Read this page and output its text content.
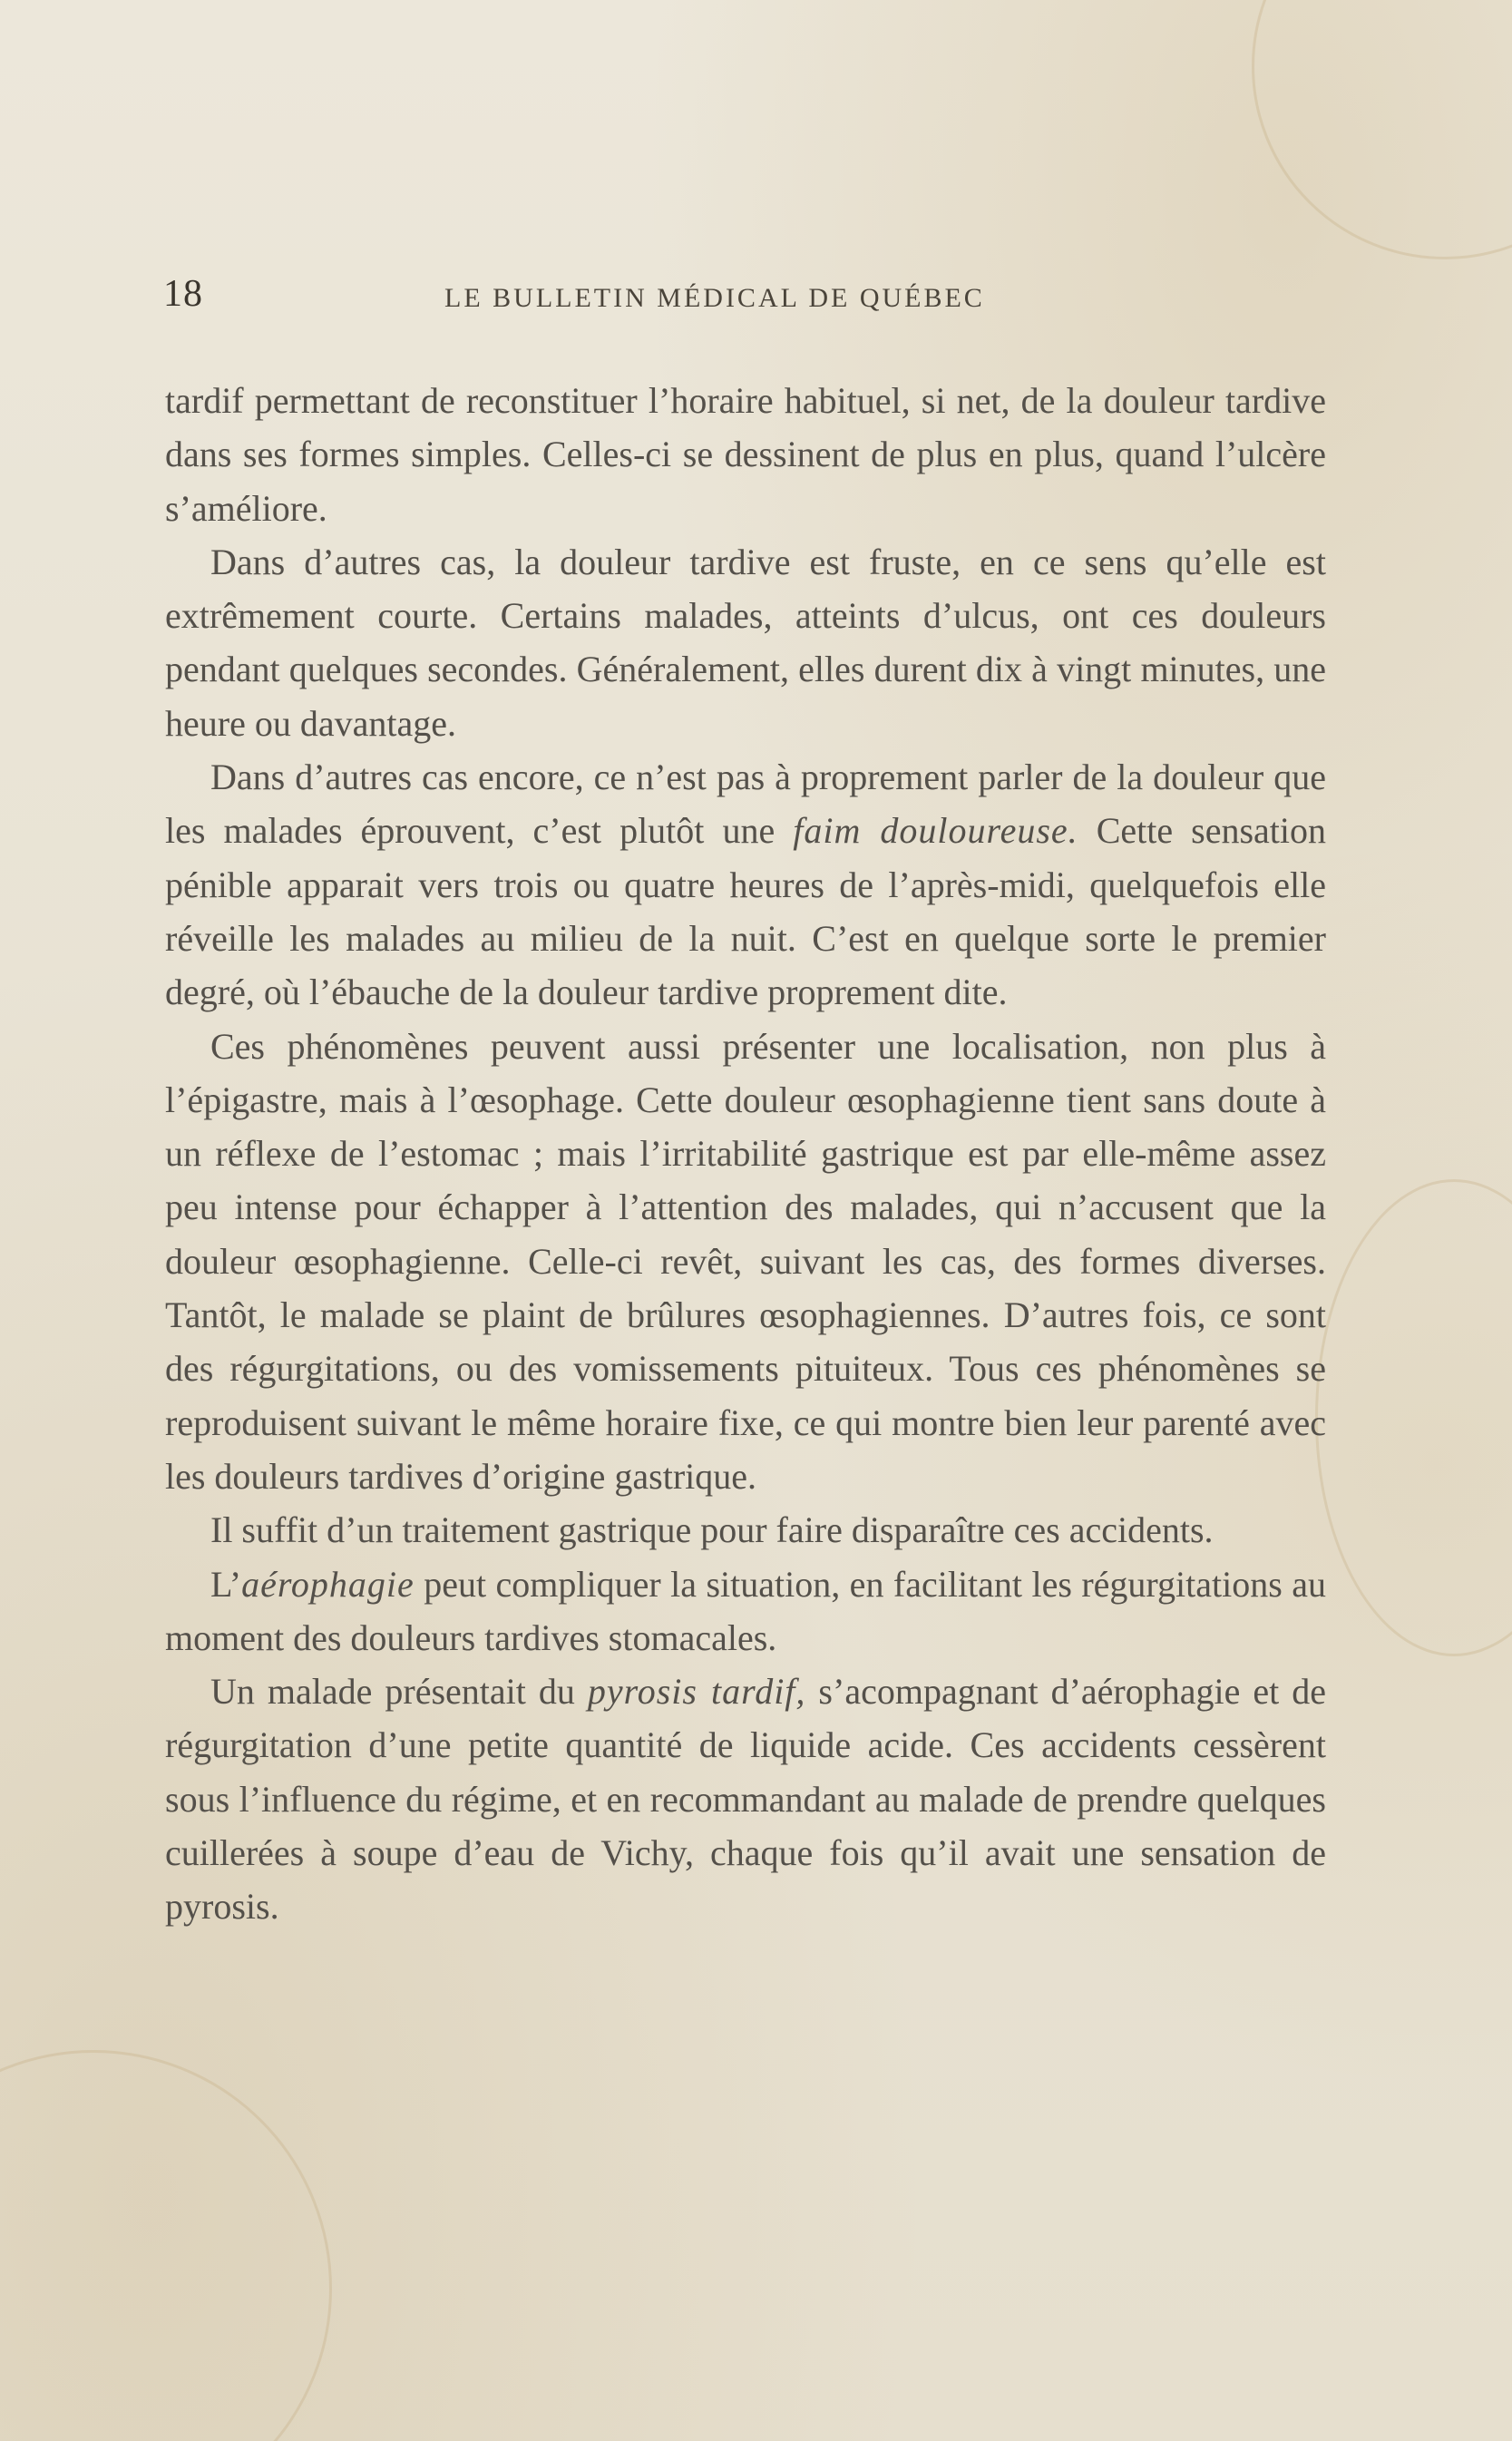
18	LE BULLETIN MÉDICAL DE QUÉBEC

tardif permettant de reconstituer l’horaire habituel, si net, de la douleur tardive dans ses formes simples. Celles-ci se dessinent de plus en plus, quand l’ulcère s’améliore.

Dans d’autres cas, la douleur tardive est fruste, en ce sens qu’elle est extrêmement courte. Certains malades, atteints d’ulcus, ont ces douleurs pendant quelques secondes. Généralement, elles durent dix à vingt minutes, une heure ou davantage.

Dans d’autres cas encore, ce n’est pas à proprement parler de la douleur que les malades éprouvent, c’est plutôt une faim douloureuse. Cette sensation pénible apparait vers trois ou quatre heures de l’après-midi, quelquefois elle réveille les malades au milieu de la nuit. C’est en quelque sorte le premier degré, où l’ébauche de la douleur tardive proprement dite.

Ces phénomènes peuvent aussi présenter une localisation, non plus à l’épigastre, mais à l’œsophage. Cette douleur œsophagienne tient sans doute à un réflexe de l’estomac ; mais l’irritabilité gastrique est par elle-même assez peu intense pour échapper à l’attention des malades, qui n’accusent que la douleur œsophagienne. Celle-ci revêt, suivant les cas, des formes diverses. Tantôt, le malade se plaint de brûlures œsophagiennes. D’autres fois, ce sont des régurgitations, ou des vomissements pituiteux. Tous ces phénomènes se reproduisent suivant le même horaire fixe, ce qui montre bien leur parenté avec les douleurs tardives d’origine gastrique.

Il suffit d’un traitement gastrique pour faire disparaître ces accidents.

L’aérophagie peut compliquer la situation, en facilitant les régurgitations au moment des douleurs tardives stomacales.

Un malade présentait du pyrosis tardif, s’acompagnant d’aérophagie et de régurgitation d’une petite quantité de liquide acide. Ces accidents cessèrent sous l’influence du régime, et en recommandant au malade de prendre quelques cuillerées à soupe d’eau de Vichy, chaque fois qu’il avait une sensation de pyrosis.
